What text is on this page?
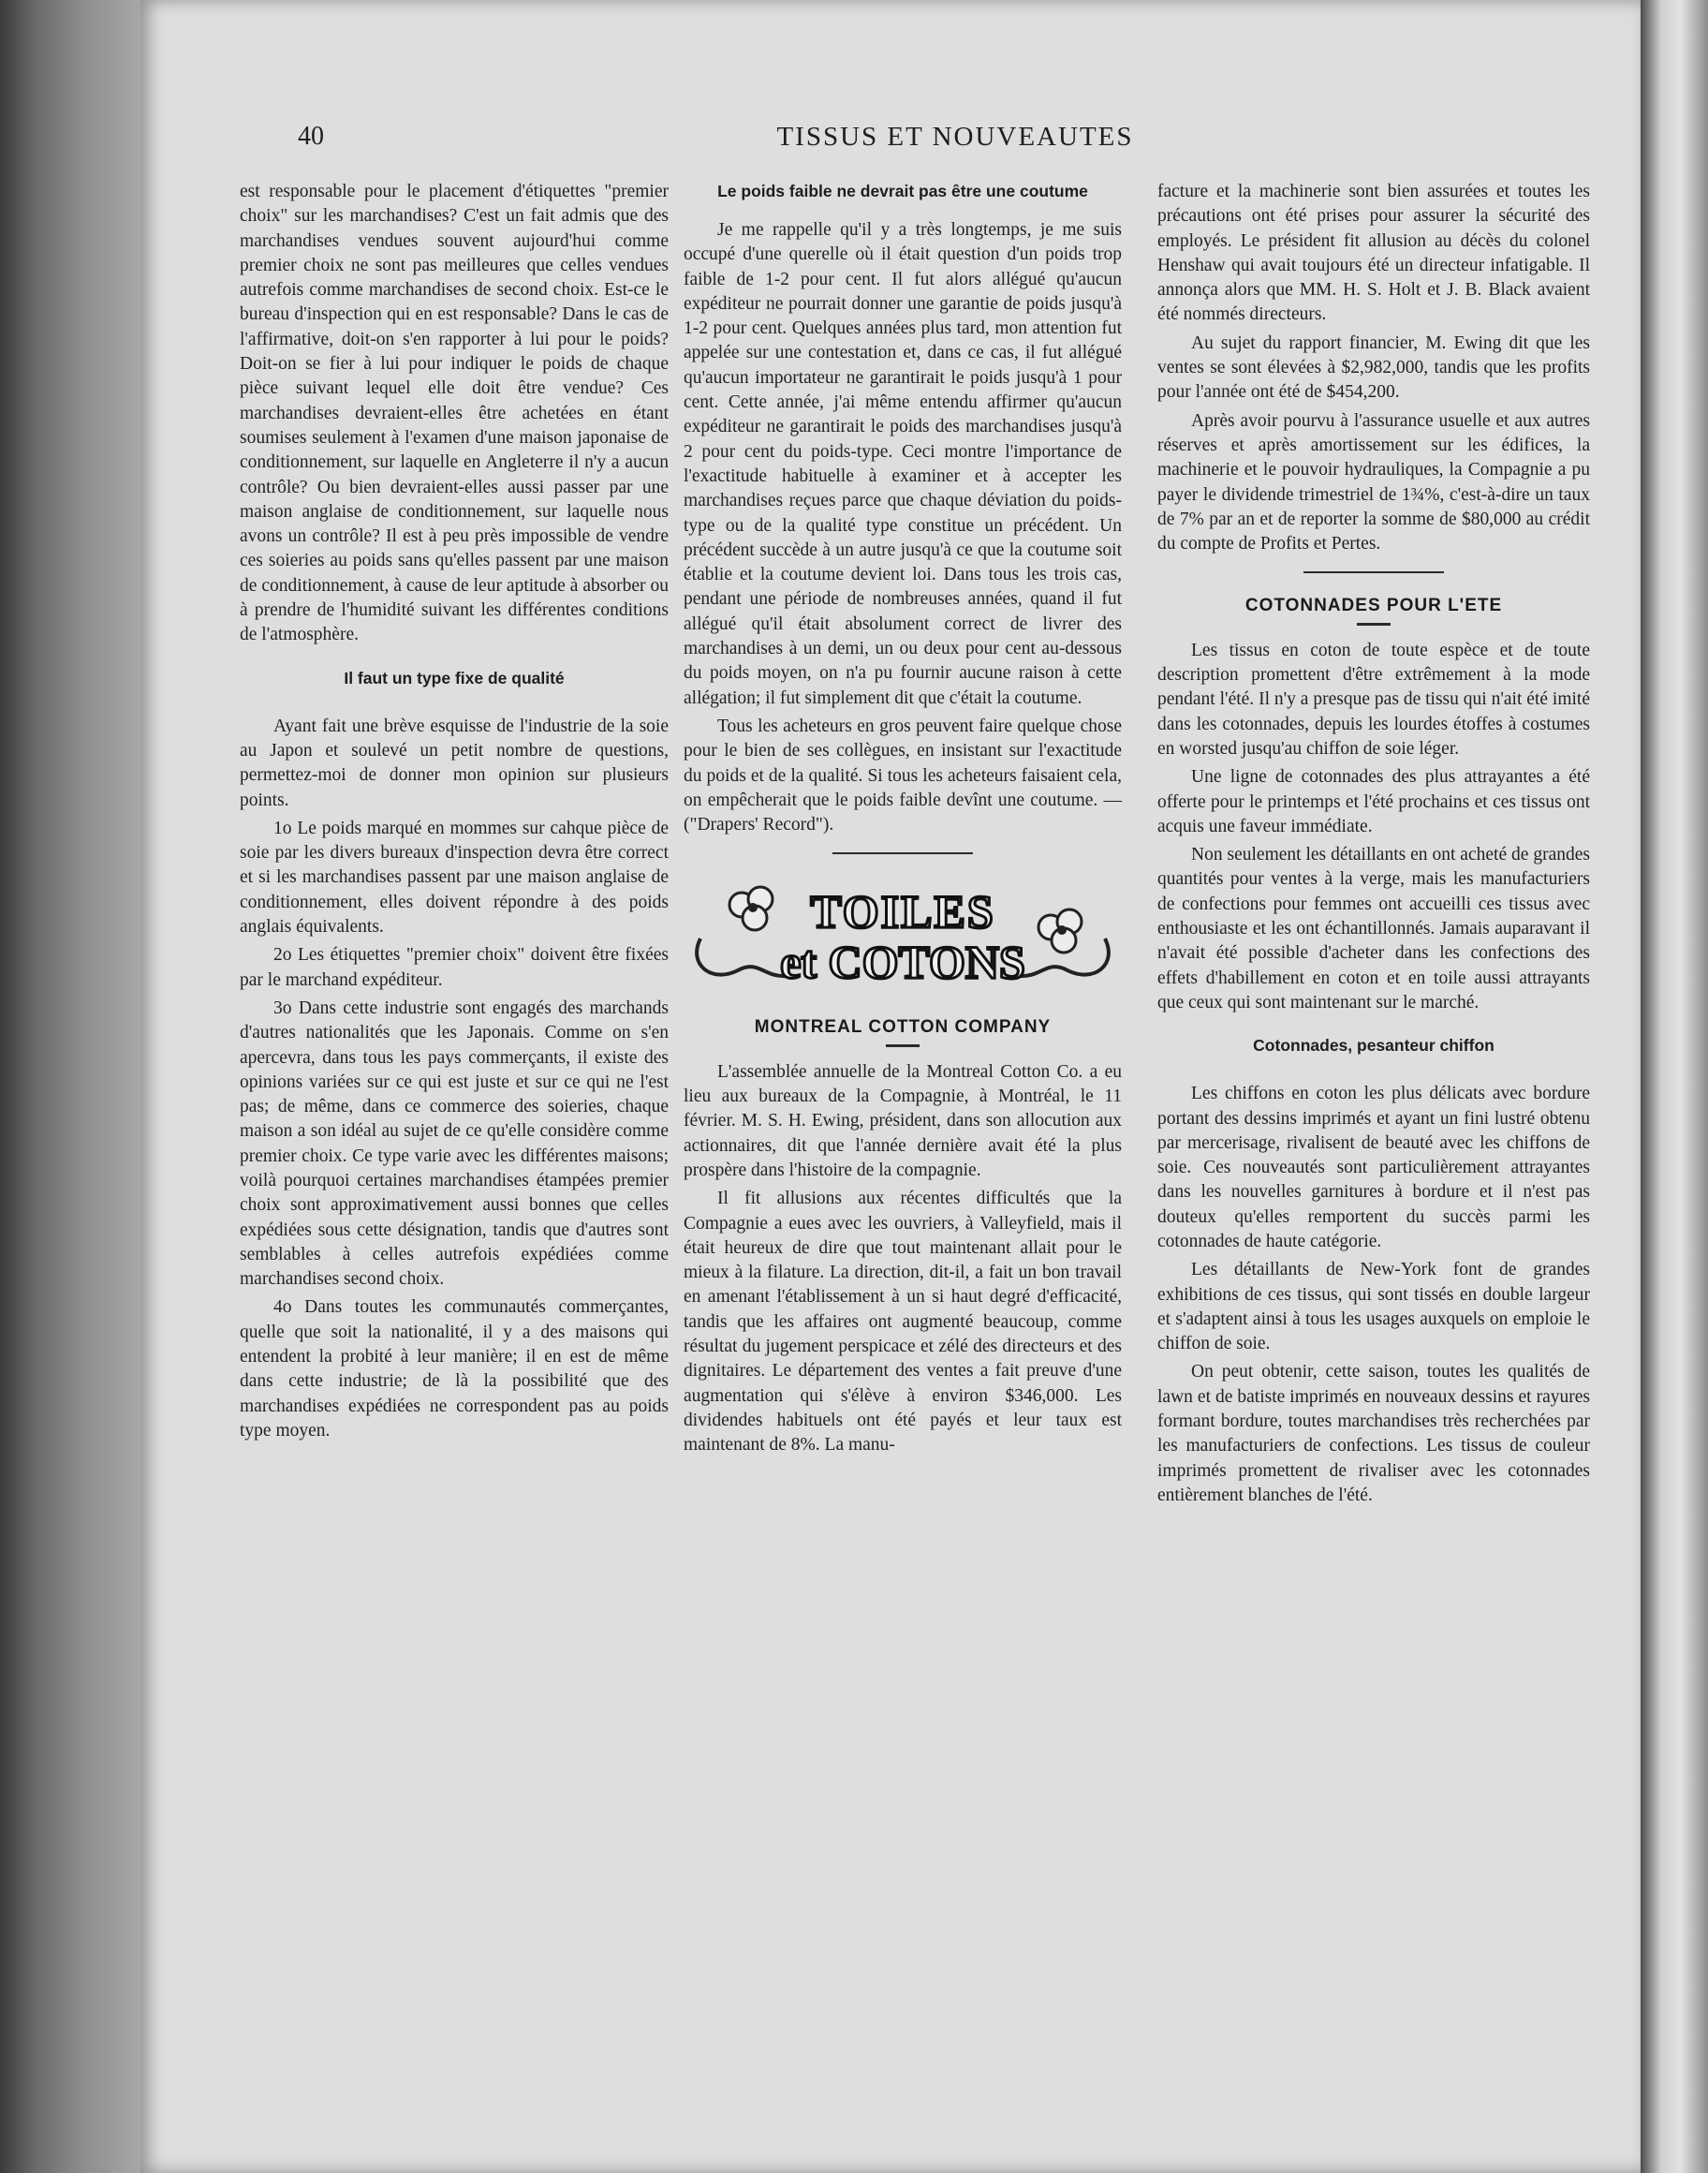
40	TISSUS ET NOUVEAUTES

est responsable pour le placement d'étiquettes "premier choix" sur les marchandises? C'est un fait admis que des marchandises vendues souvent aujourd'hui comme premier choix ne sont pas meilleures que celles vendues autrefois comme marchandises de second choix. Est-ce le bureau d'inspection qui en est responsable? Dans le cas de l'affirmative, doit-on s'en rapporter à lui pour le poids? Doit-on se fier à lui pour indiquer le poids de chaque pièce suivant lequel elle doit être vendue? Ces marchandises devraient-elles être achetées en étant soumises seulement à l'examen d'une maison japonaise de conditionnement, sur laquelle en Angleterre il n'y a aucun contrôle? Ou bien devraient-elles aussi passer par une maison anglaise de conditionnement, sur laquelle nous avons un contrôle? Il est à peu près impossible de vendre ces soieries au poids sans qu'elles passent par une maison de conditionnement, à cause de leur aptitude à absorber ou à prendre de l'humidité suivant les différentes conditions de l'atmosphère.

Il faut un type fixe de qualité

Ayant fait une brève esquisse de l'industrie de la soie au Japon et soulevé un petit nombre de questions, permettez-moi de donner mon opinion sur plusieurs points.

1o Le poids marqué en mommes sur cahque pièce de soie par les divers bureaux d'inspection devra être correct et si les marchandises passent par une maison anglaise de conditionnement, elles doivent répondre à des poids anglais équivalents.

2o Les étiquettes "premier choix" doivent être fixées par le marchand expéditeur.

3o Dans cette industrie sont engagés des marchands d'autres nationalités que les Japonais. Comme on s'en apercevra, dans tous les pays commerçants, il existe des opinions variées sur ce qui est juste et sur ce qui ne l'est pas; de même, dans ce commerce des soieries, chaque maison a son idéal au sujet de ce qu'elle considère comme premier choix. Ce type varie avec les différentes maisons; voilà pourquoi certaines marchandises étampées premier choix sont approximativement aussi bonnes que celles expédiées sous cette désignation, tandis que d'autres sont semblables à celles autrefois expédiées comme marchandises second choix.

4o Dans toutes les communautés commerçantes, quelle que soit la nationalité, il y a des maisons qui entendent la probité à leur manière; il en est de même dans cette industrie; de là la possibilité que des marchandises expédiées ne correspondent pas au poids type moyen.

Le poids faible ne devrait pas être une coutume

Je me rappelle qu'il y a très longtemps, je me suis occupé d'une querelle où il était question d'un poids trop faible de 1-2 pour cent. Il fut alors allégué qu'aucun expéditeur ne pourrait donner une garantie de poids jusqu'à 1-2 pour cent. Quelques années plus tard, mon attention fut appelée sur une contestation et, dans ce cas, il fut allégué qu'aucun importateur ne garantirait le poids jusqu'à 1 pour cent. Cette année, j'ai même entendu affirmer qu'aucun expéditeur ne garantirait le poids des marchandises jusqu'à 2 pour cent du poids-type. Ceci montre l'importance de l'exactitude habituelle à examiner et à accepter les marchandises reçues parce que chaque déviation du poids-type ou de la qualité type constitue un précédent. Un précédent succède à un autre jusqu'à ce que la coutume soit établie et la coutume devient loi. Dans tous les trois cas, pendant une période de nombreuses années, quand il fut allégué qu'il était absolument correct de livrer des marchandises à un demi, un ou deux pour cent au-dessous du poids moyen, on n'a pu fournir aucune raison à cette allégation; il fut simplement dit que c'était la coutume.

Tous les acheteurs en gros peuvent faire quelque chose pour le bien de ses collègues, en insistant sur l'exactitude du poids et de la qualité. Si tous les acheteurs faisaient cela, on empêcherait que le poids faible devînt une coutume. — ("Drapers' Record").

TOILES
et COTONS
MONTREAL COTTON COMPANY

L'assemblée annuelle de la Montreal Cotton Co. a eu lieu aux bureaux de la Compagnie, à Montréal, le 11 février. M. S. H. Ewing, président, dans son allocution aux actionnaires, dit que l'année dernière avait été la plus prospère dans l'histoire de la compagnie.

Il fit allusions aux récentes difficultés que la Compagnie a eues avec les ouvriers, à Valleyfield, mais il était heureux de dire que tout maintenant allait pour le mieux à la filature. La direction, dit-il, a fait un bon travail en amenant l'établissement à un si haut degré d'efficacité, tandis que les affaires ont augmenté beaucoup, comme résultat du jugement perspicace et zélé des directeurs et des dignitaires. Le département des ventes a fait preuve d'une augmentation qui s'élève à environ $346,000. Les dividendes habituels ont été payés et leur taux est maintenant de 8%. La manu-

facture et la machinerie sont bien assurées et toutes les précautions ont été prises pour assurer la sécurité des employés. Le président fit allusion au décès du colonel Henshaw qui avait toujours été un directeur infatigable. Il annonça alors que MM. H. S. Holt et J. B. Black avaient été nommés directeurs.

Au sujet du rapport financier, M. Ewing dit que les ventes se sont élevées à $2,982,000, tandis que les profits pour l'année ont été de $454,200.

Après avoir pourvu à l'assurance usuelle et aux autres réserves et après amortissement sur les édifices, la machinerie et le pouvoir hydrauliques, la Compagnie a pu payer le dividende trimestriel de 1¾%, c'est-à-dire un taux de 7% par an et de reporter la somme de $80,000 au crédit du compte de Profits et Pertes.

COTONNADES POUR L'ETE

Les tissus en coton de toute espèce et de toute description promettent d'être extrêmement à la mode pendant l'été. Il n'y a presque pas de tissu qui n'ait été imité dans les cotonnades, depuis les lourdes étoffes à costumes en worsted jusqu'au chiffon de soie léger.

Une ligne de cotonnades des plus attrayantes a été offerte pour le printemps et l'été prochains et ces tissus ont acquis une faveur immédiate.

Non seulement les détaillants en ont acheté de grandes quantités pour ventes à la verge, mais les manufacturiers de confections pour femmes ont accueilli ces tissus avec enthousiaste et les ont échantillonnés. Jamais auparavant il n'avait été possible d'acheter dans les confections des effets d'habillement en coton et en toile aussi attrayants que ceux qui sont maintenant sur le marché.

Cotonnades, pesanteur chiffon

Les chiffons en coton les plus délicats avec bordure portant des dessins imprimés et ayant un fini lustré obtenu par mercerisage, rivalisent de beauté avec les chiffons de soie. Ces nouveautés sont particulièrement attrayantes dans les nouvelles garnitures à bordure et il n'est pas douteux qu'elles remportent du succès parmi les cotonnades de haute catégorie.

Les détaillants de New-York font de grandes exhibitions de ces tissus, qui sont tissés en double largeur et s'adaptent ainsi à tous les usages auxquels on emploie le chiffon de soie.

On peut obtenir, cette saison, toutes les qualités de lawn et de batiste imprimés en nouveaux dessins et rayures formant bordure, toutes marchandises très recherchées par les manufacturiers de confections. Les tissus de couleur imprimés promettent de rivaliser avec les cotonnades entièrement blanches de l'été.
